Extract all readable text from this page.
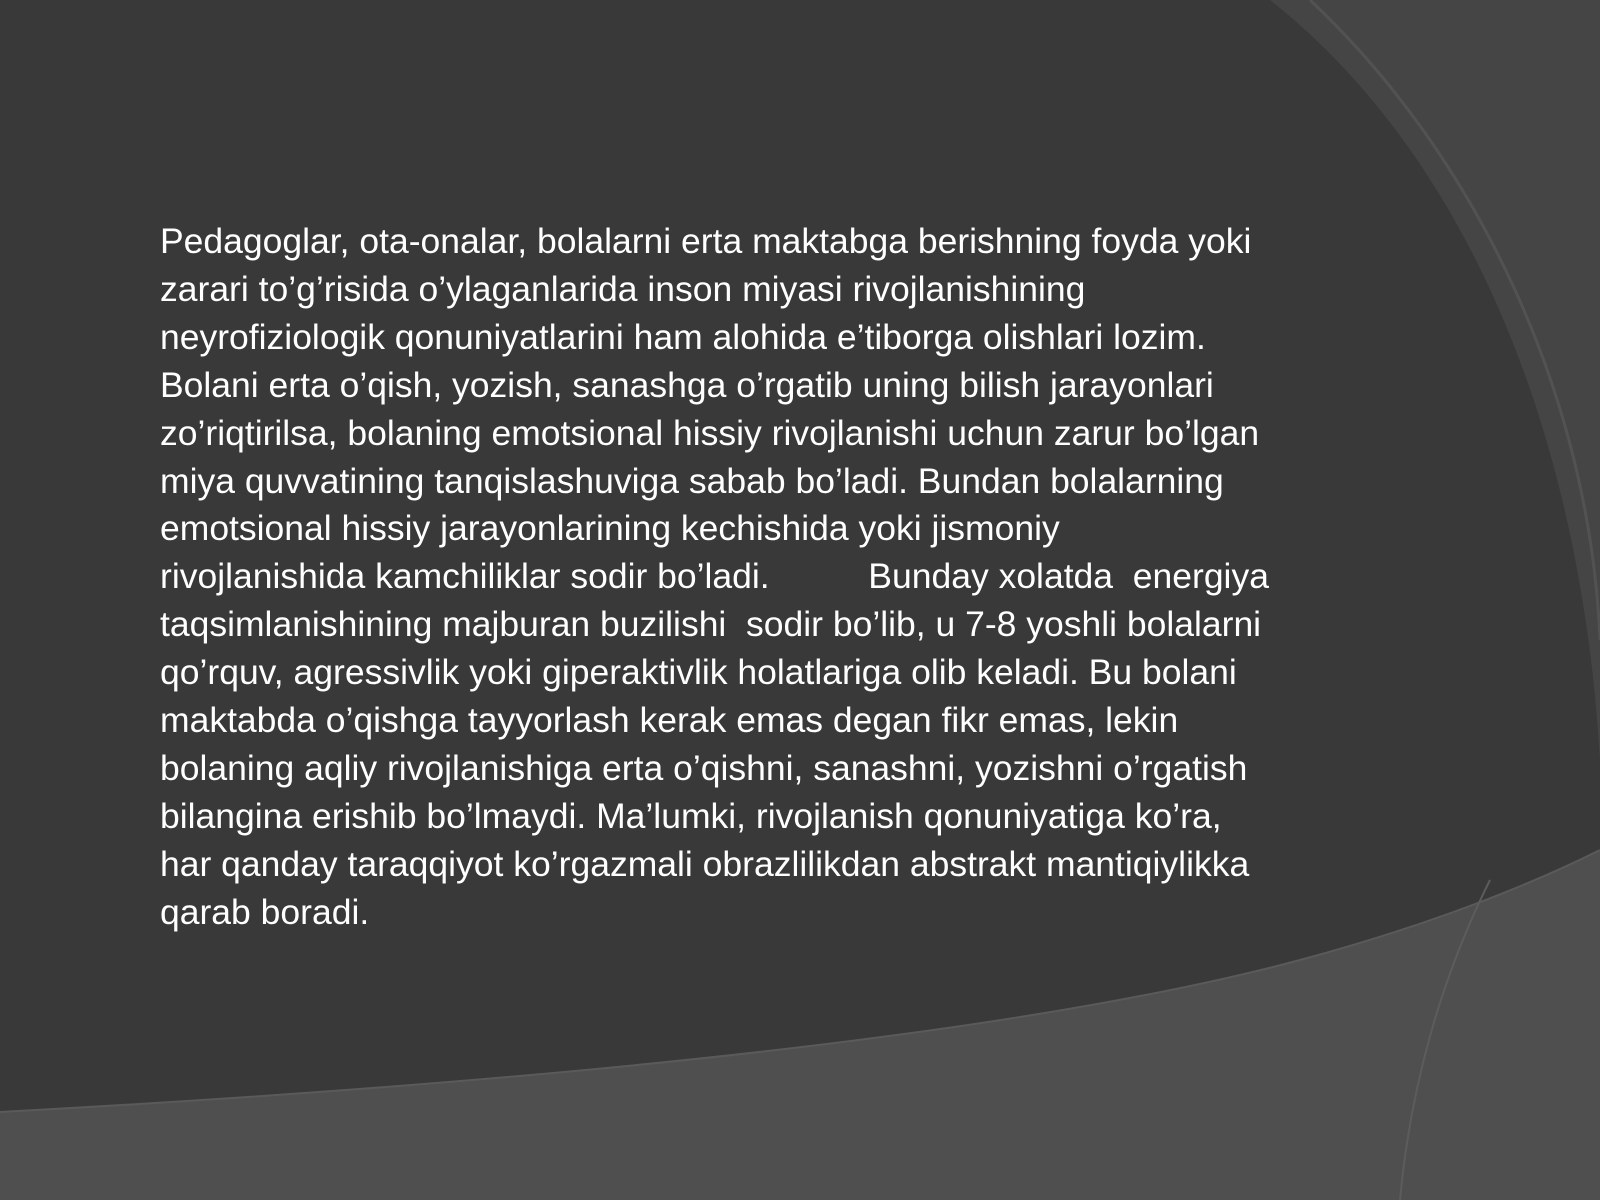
Pedagoglar, ota-onalar, bolalarni erta maktabga berishning foyda yoki
zarari to’g’risida o’ylaganlarida inson miyasi rivojlanishining
neyrofiziologik qonuniyatlarini ham alohida e’tiborga olishlari lozim.
Bolani erta o’qish, yozish, sanashga o’rgatib uning bilish jarayonlari
zo’riqtirilsa, bolaning emotsional hissiy rivojlanishi uchun zarur bo’lgan
miya quvvatining tanqislashuviga sabab bo’ladi. Bundan bolalarning
emotsional hissiy jarayonlarining kechishida yoki jismoniy
rivojlanishida kamchiliklar sodir bo’ladi.          Bunday xolatda  energiya
taqsimlanishining majburan buzilishi  sodir bo’lib, u 7-8 yoshli bolalarni
qo’rquv, agressivlik yoki giperaktivlik holatlariga olib keladi. Bu bolani
maktabda o’qishga tayyorlash kerak emas degan fikr emas, lekin
bolaning aqliy rivojlanishiga erta o’qishni, sanashni, yozishni o’rgatish
bilangina erishib bo’lmaydi. Ma’lumki, rivojlanish qonuniyatiga ko’ra,
har qanday taraqqiyot ko’rgazmali obrazlilikdan abstrakt mantiqiylikka
qarab boradi.
